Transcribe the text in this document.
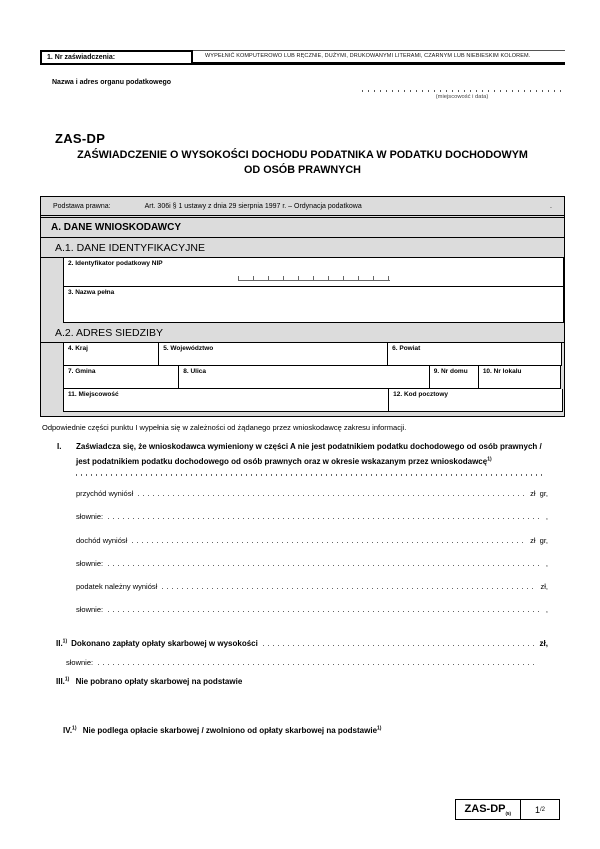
1. Nr zaświadczenia:	WYPEŁNIĆ KOMPUTEROWO LUB RĘCZNIE, DUŻYMI, DRUKOWANYMI LITERAMI, CZARNYM LUB NIEBIESKIM KOLOREM.
Nazwa i adres organu podatkowego
(miejscowość i data)
ZAS-DP
ZAŚWIADCZENIE O WYSOKOŚCI DOCHODU PODATNIKA W PODATKU DOCHODOWYM
OD OSÓB PRAWNYCH
Podstawa prawna:	Art. 306i § 1 ustawy z dnia 29 sierpnia 1997 r. – Ordynacja podatkowa	.
A. DANE WNIOSKODAWCY
A.1. DANE IDENTYFIKACYJNE
2. Identyfikator podatkowy NIP
3. Nazwa pełna
A.2. ADRES SIEDZIBY
4. Kraj	5. Województwo	6. Powiat
7. Gmina	8. Ulica	9. Nr domu	10. Nr lokalu
11. Miejscowość	12. Kod pocztowy
Odpowiednie części punktu I wypełnia się w zależności od żądanego przez wnioskodawcę zakresu informacji.
I.	Zaświadcza się, że wnioskodawca wymieniony w części A nie jest podatnikiem podatku dochodowego od osób prawnych /
jest podatnikiem podatku dochodowego od osób prawnych oraz w okresie wskazanym przez wnioskodawcę$^{1)}$
przychód wyniósł	zł  gr,
słownie:	,
dochód wyniósł	zł  gr,
słownie:	,
podatek należny wyniósł	zł,
słownie:	,
II.$^{1)}$ Dokonano zapłaty opłaty skarbowej w wysokości	zł,
słownie:
III.$^{1)}$ Nie pobrano opłaty skarbowej na podstawie
IV.$^{1)}$ Nie podlega opłacie skarbowej / zwolniono od opłaty skarbowej na podstawie$^{1)}$
ZAS-$DP_{(5)}$	1 /2
